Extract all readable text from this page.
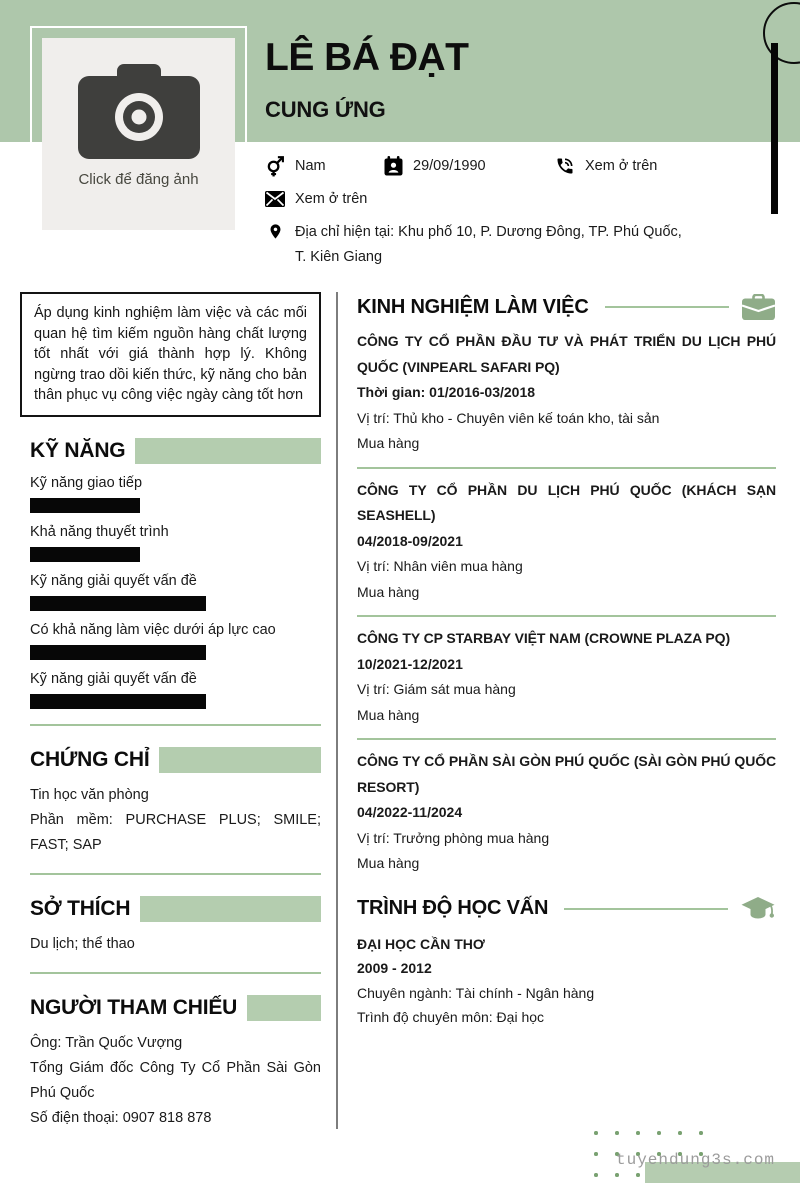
Click để đăng ảnh
LÊ BÁ ĐẠT
CUNG ỨNG
Nam	29/09/1990	Xem ở trên
Xem ở trên
Địa chỉ hiện tại: Khu phố 10, P. Dương Đông, TP. Phú Quốc, T. Kiên Giang
Áp dụng kinh nghiệm làm việc và các mối quan hệ tìm kiếm nguồn hàng chất lượng tốt nhất với giá thành hợp lý. Không ngừng trao dồi kiến thức, kỹ năng cho bản thân phục vụ công việc ngày càng tốt hơn
KỸ NĂNG
Kỹ năng giao tiếp
Khả năng thuyết trình
Kỹ năng giải quyết vấn đề
Có khả năng làm việc dưới áp lực cao
Kỹ năng giải quyết vấn đề
CHỨNG CHỈ
Tin học văn phòng
Phần mềm: PURCHASE PLUS; SMILE; FAST; SAP
SỞ THÍCH
Du lịch; thể thao
NGƯỜI THAM CHIẾU
Ông: Trần Quốc Vượng
Tổng Giám đốc Công Ty Cổ Phần Sài Gòn Phú Quốc
Số điện thoại: 0907 818 878
KINH NGHIỆM LÀM VIỆC
CÔNG TY CỔ PHẦN ĐẦU TƯ VÀ PHÁT TRIỂN DU LỊCH PHÚ QUỐC (VINPEARL SAFARI PQ)
Thời gian: 01/2016-03/2018
Vị trí: Thủ kho - Chuyên viên kế toán kho, tài sản
Mua hàng
CÔNG TY CỔ PHẦN DU LỊCH PHÚ QUỐC (KHÁCH SẠN SEASHELL)
04/2018-09/2021
Vị trí: Nhân viên mua hàng
Mua hàng
CÔNG TY CP STARBAY VIỆT NAM (CROWNE PLAZA PQ)
10/2021-12/2021
Vị trí: Giám sát mua hàng
Mua hàng
CÔNG TY CỔ PHẦN SÀI GÒN PHÚ QUỐC (SÀI GÒN PHÚ QUỐC RESORT)
04/2022-11/2024
Vị trí: Trưởng phòng mua hàng
Mua hàng
TRÌNH ĐỘ HỌC VẤN
ĐẠI HỌC CẦN THƠ
2009 - 2012
Chuyên ngành: Tài chính - Ngân hàng
Trình độ chuyên môn: Đại học
tuyendung3s.com
